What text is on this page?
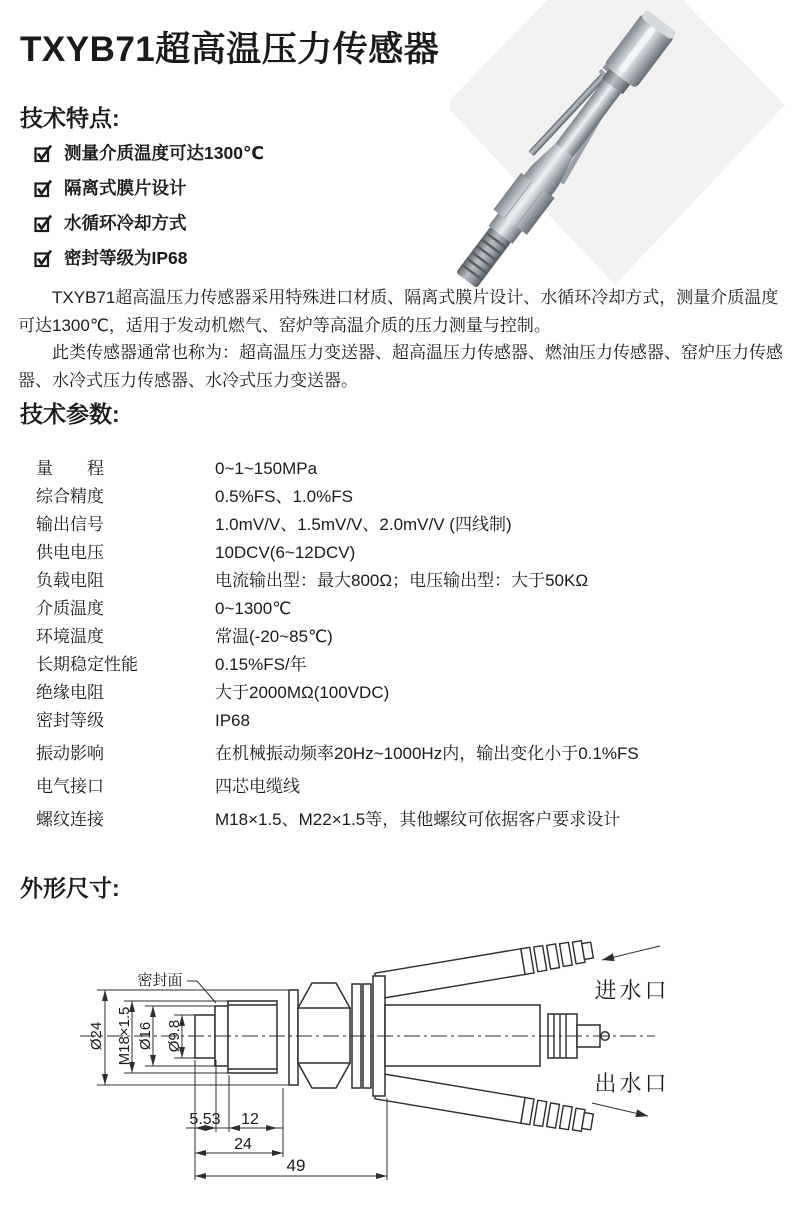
TXYB71超高温压力传感器
技术特点:
测量介质温度可达1300℃
隔离式膜片设计
水循环冷却方式
密封等级为IP68

TXYB71超高温压力传感器采用特殊进口材质、隔离式膜片设计、水循环冷却方式，测量介质温度可达1300℃，适用于发动机燃气、窑炉等高温介质的压力测量与控制。

此类传感器通常也称为：超高温压力变送器、超高温压力传感器、燃油压力传感器、窑炉压力传感器、水冷式压力传感器、水冷式压力变送器。

技术参数:
量　　程	0~1~150MPa
综合精度	0.5%FS、1.0%FS
输出信号	1.0mV/V、1.5mV/V、2.0mV/V (四线制)
供电电压	10DCV(6~12DCV)
负载电阻	电流输出型：最大800Ω；电压输出型：大于50KΩ
介质温度	0~1300℃
环境温度	常温(-20~85℃)
长期稳定性能	0.15%FS/年
绝缘电阻	大于2000MΩ(100VDC)
密封等级	IP68
振动影响	在机械振动频率20Hz~1000Hz内，输出变化小于0.1%FS
电气接口	四芯电缆线
螺纹连接	M18×1.5、M22×1.5等，其他螺纹可依据客户要求设计
外形尺寸:
密封面
Ø24 M18×1.5 Ø16 Ø9.8
5.53 12
24
49
进水口
出水口
